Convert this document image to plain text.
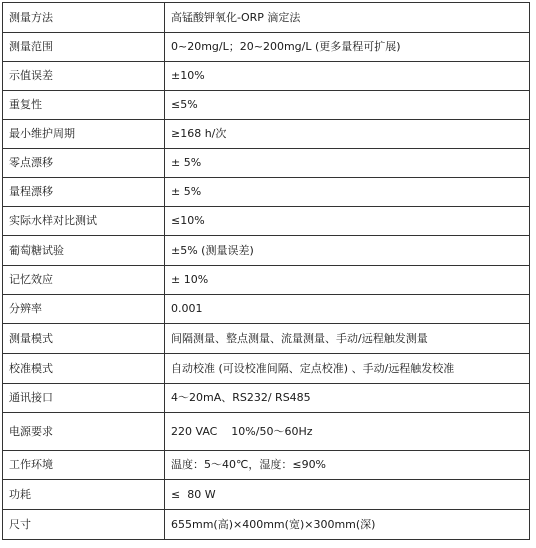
测量方法	高锰酸钾氧化-ORP 滴定法
测量范围	0~20mg/L；20~200mg/L (更多量程可扩展)
示值误差	±10%
重复性	≤5%
最小维护周期	≥168 h/次
零点漂移	± 5%
量程漂移	± 5%
实际水样对比测试	≤10%
葡萄糖试验	±5% (测量误差)
记忆效应	± 10%
分辨率	0.001
测量模式	间隔测量、整点测量、流量测量、手动/远程触发测量
校准模式	自动校准 (可设校准间隔、定点校准) 、手动/远程触发校准
通讯接口	4～20mA、RS232/ RS485
电源要求	220 VAC    10%/50～60Hz
工作环境	温度：5～40℃，湿度：≤90%
功耗	≤  80 W
尺寸	655mm(高)×400mm(宽)×300mm(深)
